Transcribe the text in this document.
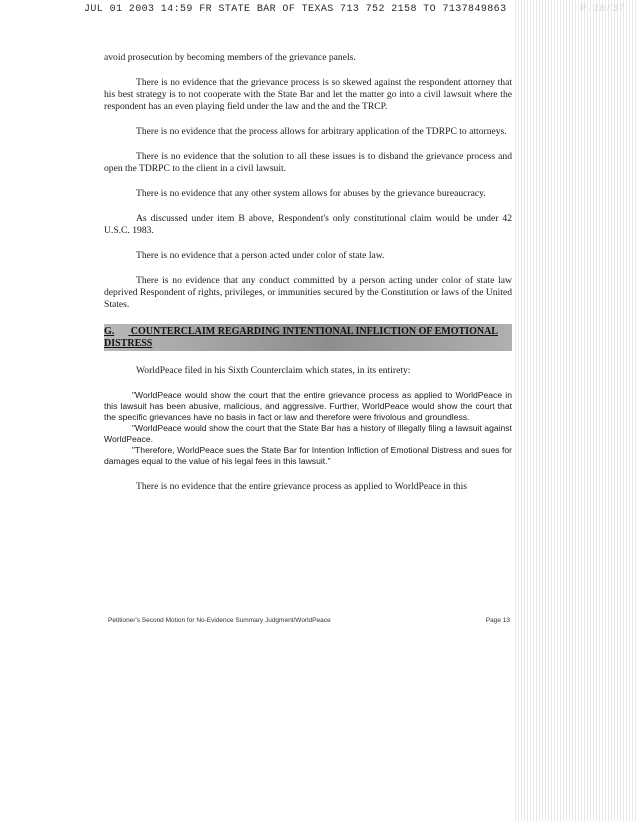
JUL 01 2003 14:59 FR STATE BAR OF TEXAS 713 752 2158 TO 7137849863

avoid prosecution by becoming members of the grievance panels.

There is no evidence that the grievance process is so skewed against the respondent attorney that his best strategy is to not cooperate with the State Bar and let the matter go into a civil lawsuit where the respondent has an even playing field under the law and the and the TRCP.

There is no evidence that the process allows for arbitrary application of the TDRPC to attorneys.

There is no evidence that the solution to all these issues is to disband the grievance process and open the TDRPC to the client in a civil lawsuit.

There is no evidence that any other system allows for abuses by the grievance bureaucracy.

As discussed under item B above, Respondent's only constitutional claim would be under 42 U.S.C. 1983.

There is no evidence that a person acted under color of state law.

There is no evidence that any conduct committed by a person acting under color of state law deprived Respondent of rights, privileges, or immunities secured by the Constitution or laws of the United States.

G. COUNTERCLAIM REGARDING INTENTIONAL INFLICTION OF EMOTIONAL DISTRESS

WorldPeace filed in his Sixth Counterclaim which states, in its entirety:

"WorldPeace would show the court that the entire grievance process as applied to WorldPeace in this lawsuit has been abusive, malicious, and aggressive. Further, WorldPeace would show the court that the specific grievances have no basis in fact or law and therefore were frivolous and groundless.

"WorldPeace would show the court that the State Bar has a history of illegally filing a lawsuit against WorldPeace.

"Therefore, WorldPeace sues the State Bar for Intention Infliction of Emotional Distress and sues for damages equal to the value of his legal fees in this lawsuit."

There is no evidence that the entire grievance process as applied to WorldPeace in this

Petitioner's Second Motion for No-Evidence Summary Judgment/WorldPeace	Page 13
